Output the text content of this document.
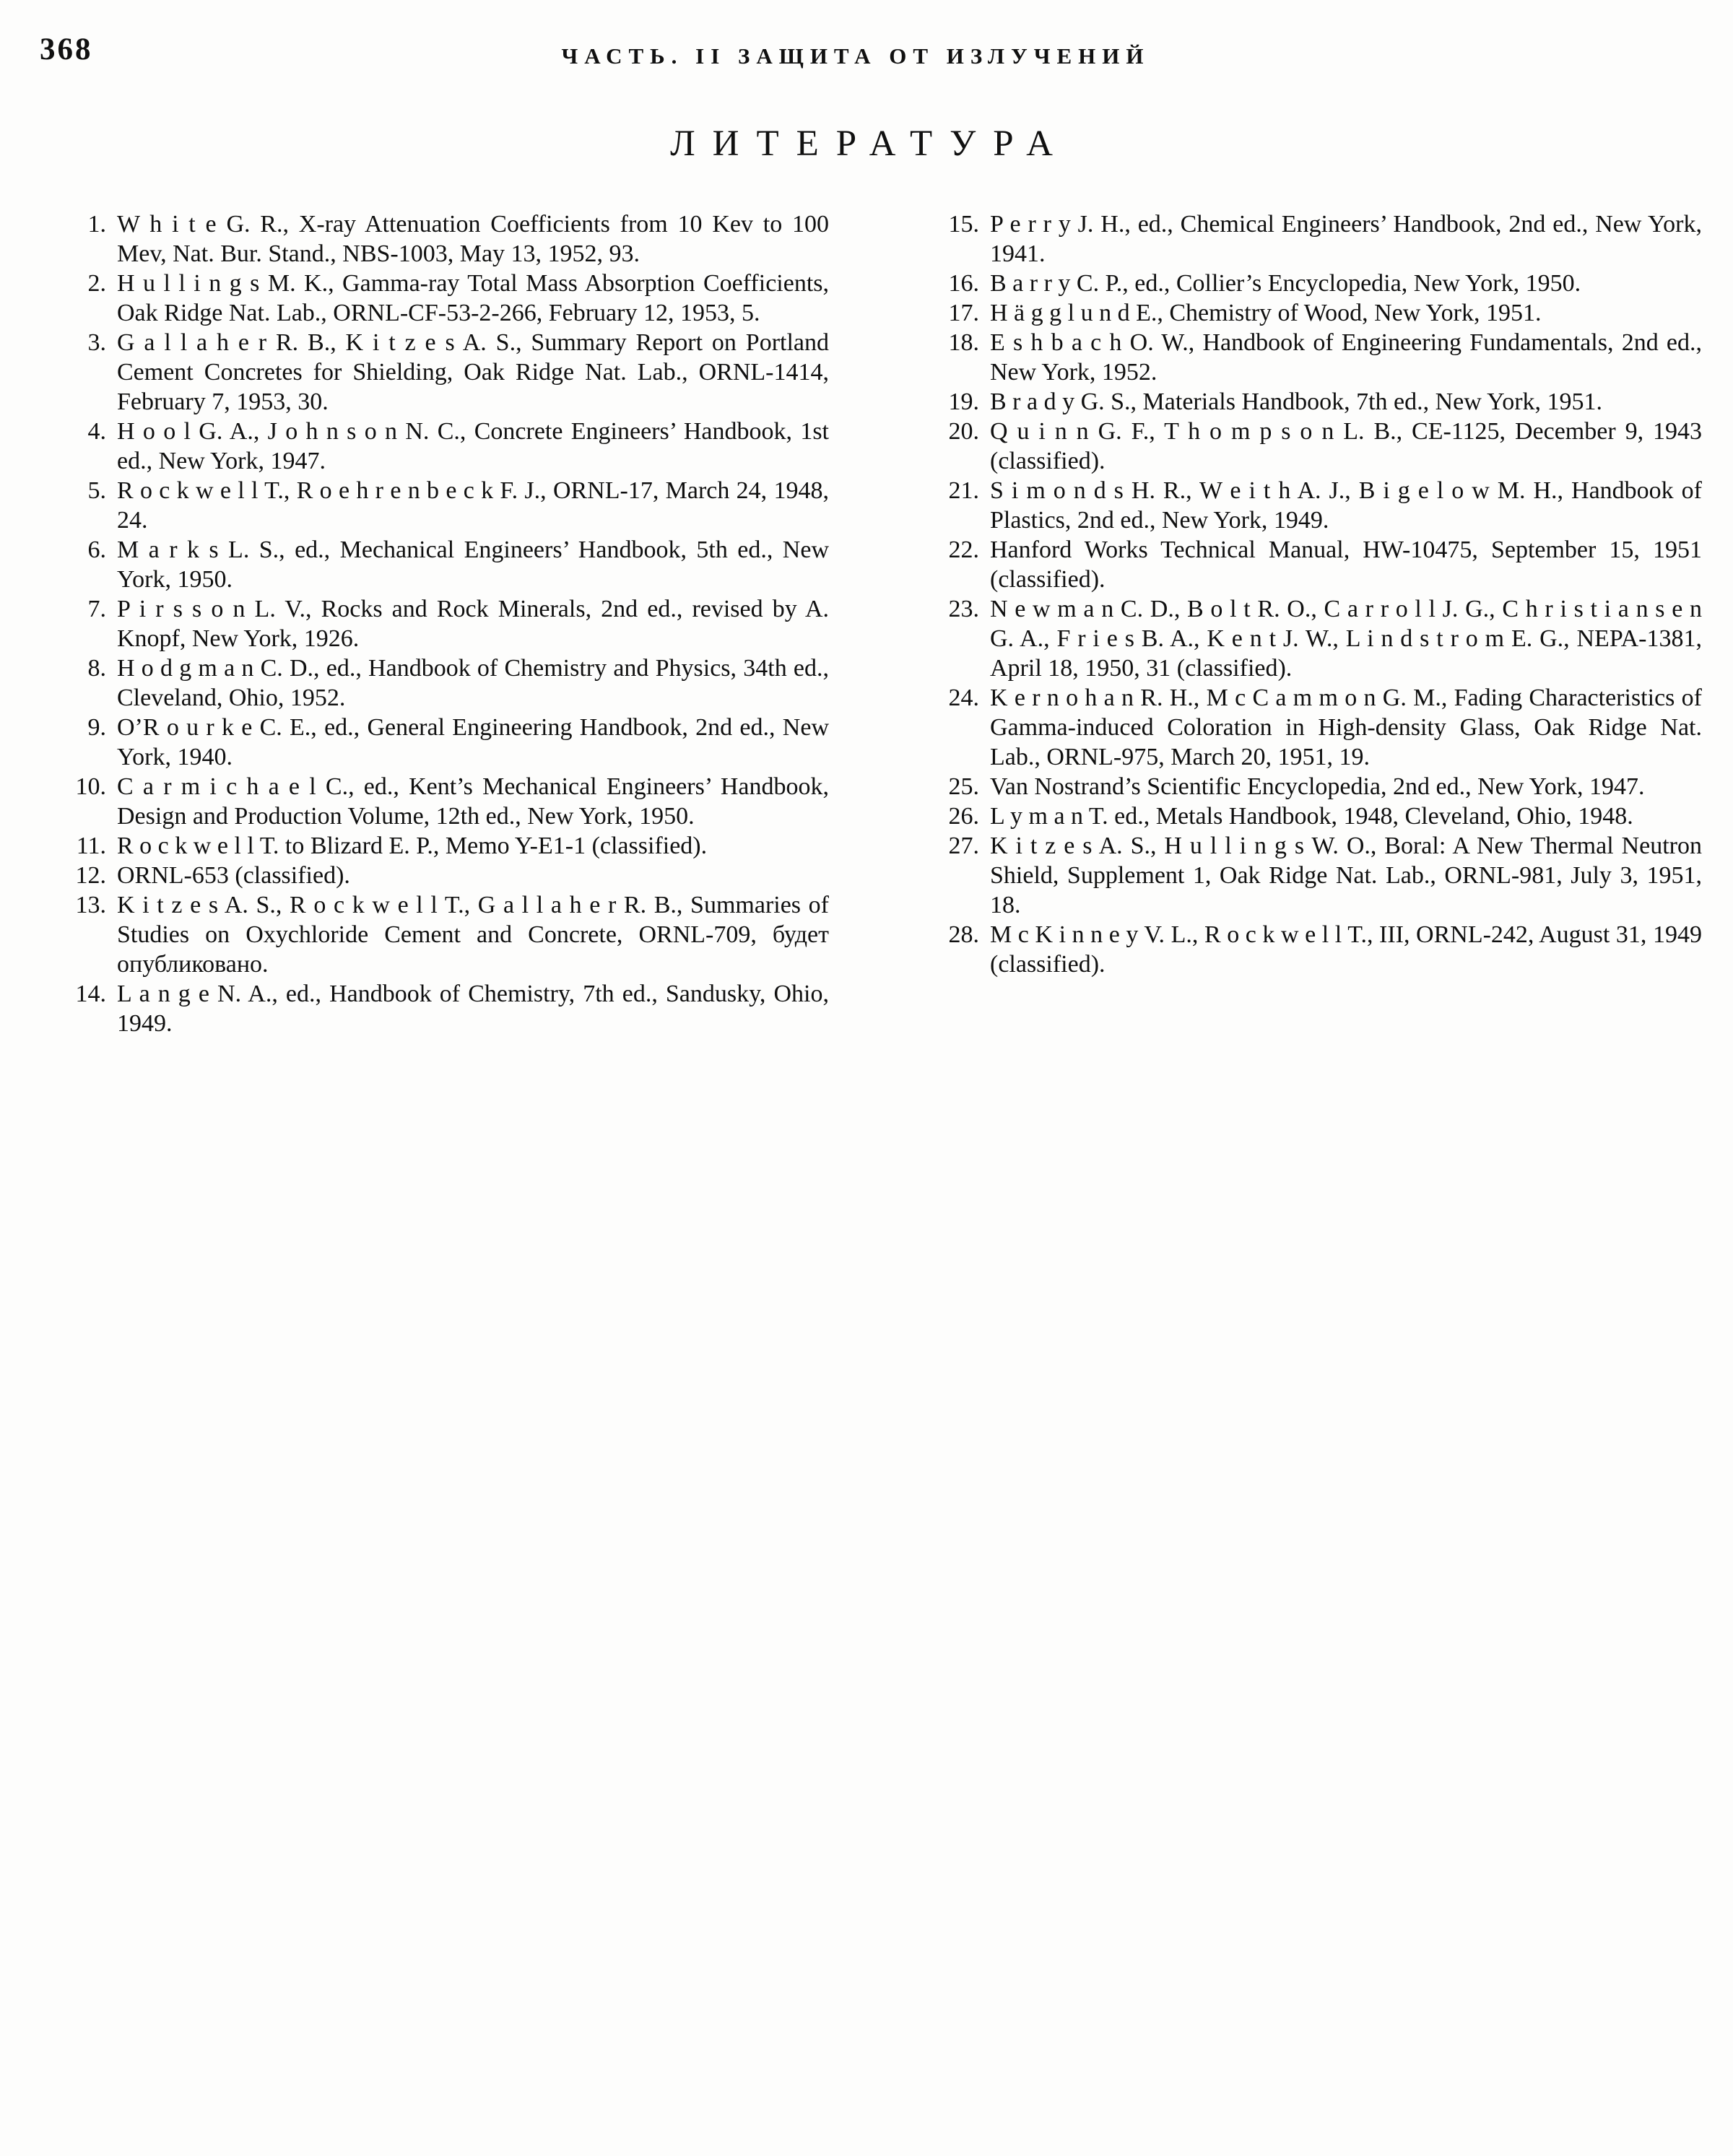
368	ЧАСТЬ. II ЗАЩИТА ОТ ИЗЛУЧЕНИЙ
ЛИТЕРАТУРА
1. W h i t e G. R., X-ray Attenuation Coefficients from 10 Kev to 100 Mev, Nat. Bur. Stand., NBS-1003, May 13, 1952, 93.
2. H u l l i n g s M. K., Gamma-ray Total Mass Absorption Coefficients, Oak Ridge Nat. Lab., ORNL-CF-53-2-266, February 12, 1953, 5.
3. G a l l a h e r R. B., K i t z e s A. S., Summary Report on Portland Cement Concretes for Shielding, Oak Ridge Nat. Lab., ORNL-1414, February 7, 1953, 30.
4. H o o l G. A., J o h n s o n N. C., Concrete Engineers’ Handbook, 1st ed., New York, 1947.
5. R o c k w e l l T., R o e h r e n b e c k F. J., ORNL-17, March 24, 1948, 24.
6. M a r k s L. S., ed., Mechanical Engineers’ Handbook, 5th ed., New York, 1950.
7. P i r s s o n L. V., Rocks and Rock Minerals, 2nd ed., revised by A. Knopf, New York, 1926.
8. H o d g m a n C. D., ed., Handbook of Chemistry and Physics, 34th ed., Cleveland, Ohio, 1952.
9. O’R o u r k e C. E., ed., General Engineering Handbook, 2nd ed., New York, 1940.
10. C a r m i c h a e l C., ed., Kent’s Mechanical Engineers’ Handbook, Design and Production Volume, 12th ed., New York, 1950.
11. R o c k w e l l T. to Blizard E. P., Memo Y-E1-1 (classified).
12. ORNL-653 (classified).
13. K i t z e s A. S., R o c k w e l l T., G a l l a h e r R. B., Summaries of Studies on Oxychloride Cement and Concrete, ORNL-709, будет опубликовано.
14. L a n g e N. A., ed., Handbook of Chemistry, 7th ed., Sandusky, Ohio, 1949.
15. P e r r y J. H., ed., Chemical Engineers’ Handbook, 2nd ed., New York, 1941.
16. B a r r y C. P., ed., Collier’s Encyclopedia, New York, 1950.
17. H ä g g l u n d E., Chemistry of Wood, New York, 1951.
18. E s h b a c h O. W., Handbook of Engineering Fundamentals, 2nd ed., New York, 1952.
19. B r a d y G. S., Materials Handbook, 7th ed., New York, 1951.
20. Q u i n n G. F., T h o m p s o n L. B., CE-1125, December 9, 1943 (classified).
21. S i m o n d s H. R., W e i t h A. J., B i g e l o w M. H., Handbook of Plastics, 2nd ed., New York, 1949.
22. Hanford Works Technical Manual, HW-10475, September 15, 1951 (classified).
23. N e w m a n C. D., B o l t R. O., C a r r o l l J. G., C h r i s t i a n s e n G. A., F r i e s B. A., K e n t J. W., L i n d s t r o m E. G., NEPA-1381, April 18, 1950, 31 (classified).
24. K e r n o h a n R. H., M c C a m m o n G. M., Fading Characteristics of Gamma-induced Coloration in High-density Glass, Oak Ridge Nat. Lab., ORNL-975, March 20, 1951, 19.
25. Van Nostrand’s Scientific Encyclopedia, 2nd ed., New York, 1947.
26. L y m a n T. ed., Metals Handbook, 1948, Cleveland, Ohio, 1948.
27. K i t z e s A. S., H u l l i n g s W. O., Boral: A New Thermal Neutron Shield, Supplement 1, Oak Ridge Nat. Lab., ORNL-981, July 3, 1951, 18.
28. M c K i n n e y V. L., R o c k w e l l T., III, ORNL-242, August 31, 1949 (classified).
